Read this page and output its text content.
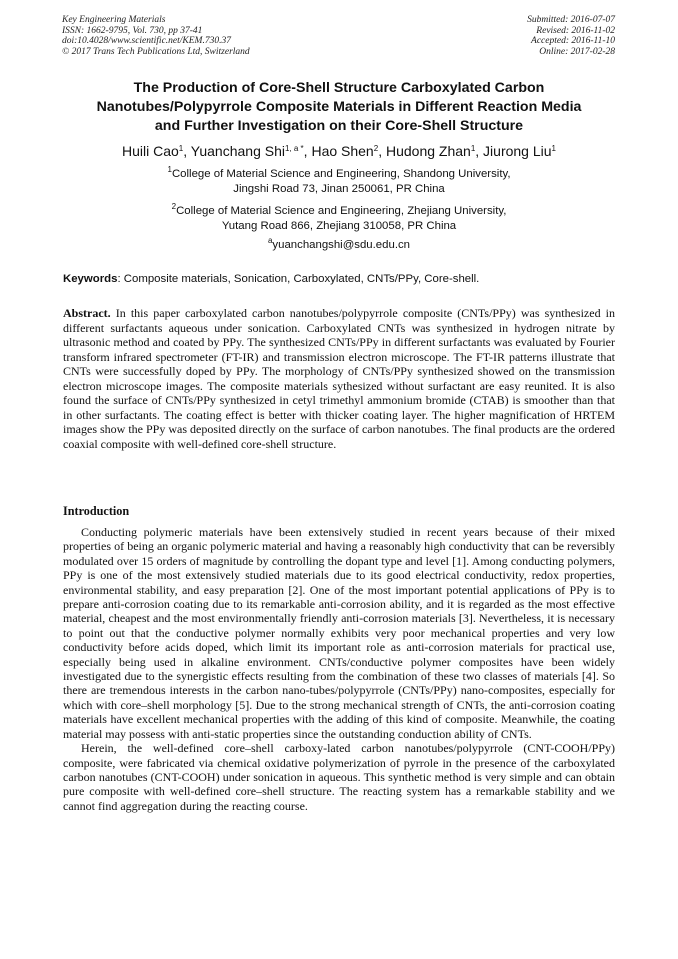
Key Engineering Materials
ISSN: 1662-9795, Vol. 730, pp 37-41
doi:10.4028/www.scientific.net/KEM.730.37
© 2017 Trans Tech Publications Ltd, Switzerland
Submitted: 2016-07-07
Revised: 2016-11-02
Accepted: 2016-11-10
Online: 2017-02-28
The Production of Core-Shell Structure Carboxylated Carbon
Nanotubes/Polypyrrole Composite Materials in Different Reaction Media
and Further Investigation on their Core-Shell Structure
Huili Cao$^1$, Yuanchang Shi$^{1, a *}$, Hao Shen$^2$, Hudong Zhan$^1$, Jiurong Liu$^1$
$^1$College of Material Science and Engineering, Shandong University,
Jingshi Road 73, Jinan 250061, PR China
$^2$College of Material Science and Engineering, Zhejiang University,
Yutang Road 866, Zhejiang 310058, PR China
$^a$yuanchangshi@sdu.edu.cn
Keywords: Composite materials, Sonication, Carboxylated, CNTs/PPy, Core-shell.
Abstract. In this paper carboxylated carbon nanotubes/polypyrrole composite (CNTs/PPy) was synthesized in different surfactants aqueous under sonication. Carboxylated CNTs was synthesized in hydrogen nitrate by ultrasonic method and coated by PPy. The synthesized CNTs/PPy in different surfactants was evaluated by Fourier transform infrared spectrometer (FT-IR) and transmission electron microscope. The FT-IR patterns illustrate that CNTs were successfully doped by PPy. The morphology of CNTs/PPy synthesized showed on the transmission electron microscope images. The composite materials sythesized without surfactant are easy reunited. It is also found the surface of CNTs/PPy synthesized in cetyl trimethyl ammonium bromide (CTAB) is smoother than that in other surfactants. The coating effect is better with thicker coating layer. The higher magnification of HRTEM images show the PPy was deposited directly on the surface of carbon nanotubes. The final products are the ordered coaxial composite with well-defined core-shell structure.
Introduction

Conducting polymeric materials have been extensively studied in recent years because of their mixed properties of being an organic polymeric material and having a reasonably high conductivity that can be reversibly modulated over 15 orders of magnitude by controlling the dopant type and level [1]. Among conducting polymers, PPy is one of the most extensively studied materials due to its good electrical conductivity, redox properties, environmental stability, and easy preparation [2]. One of the most important potential applications of PPy is to prepare anti-corrosion coating due to its remarkable anti-corrosion ability, and it is regarded as the most effective material, cheapest and the most environmentally friendly anti-corrosion materials [3]. Nevertheless, it is necessary to point out that the conductive polymer normally exhibits very poor mechanical properties and very low conductivity before acids doped, which limit its important role as anti-corrosion materials for practical use, especially being used in alkaline environment. CNTs/conductive polymer composites have been widely investigated due to the synergistic effects resulting from the combination of these two classes of materials [4]. So there are tremendous interests in the carbon nano-tubes/polypyrrole (CNTs/PPy) nano-composites, especially for which with core–shell morphology [5]. Due to the strong mechanical strength of CNTs, the anti-corrosion coating materials have excellent mechanical properties with the adding of this kind of composite. Meanwhile, the coating material may possess with anti-static properties since the outstanding conduction ability of CNTs.

Herein, the well-defined core–shell carboxy-lated carbon nanotubes/polypyrrole (CNT-COOH/PPy) composite, were fabricated via chemical oxidative polymerization of pyrrole in the presence of the carboxylated carbon nanotubes (CNT-COOH) under sonication in aqueous. This synthetic method is very simple and can obtain pure composite with well-defined core–shell structure. The reacting system has a remarkable stability and we cannot find aggregation during the reacting course.
